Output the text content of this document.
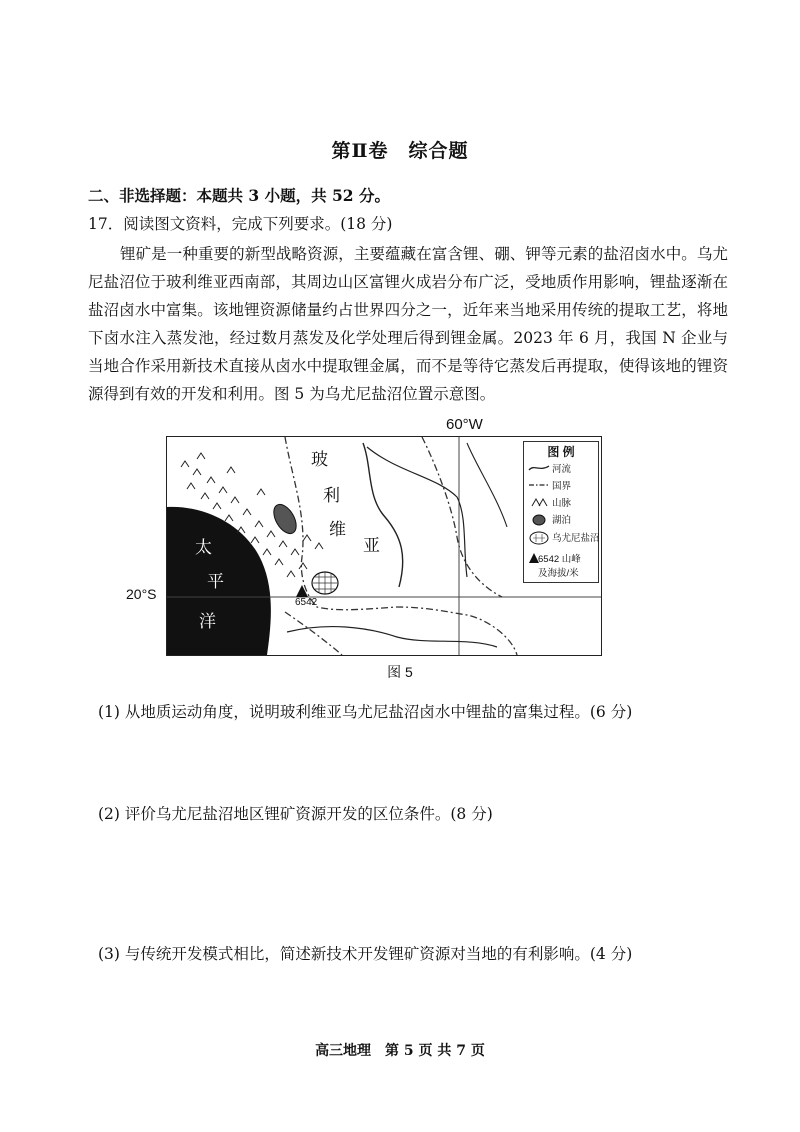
第Ⅱ卷　综合题
二、非选择题：本题共 3 小题，共 52 分。
17．阅读图文资料，完成下列要求。(18 分)

锂矿是一种重要的新型战略资源，主要蕴藏在富含锂、硼、钾等元素的盐沼卤水中。乌尤尼盐沼位于玻利维亚西南部，其周边山区富锂火成岩分布广泛，受地质作用影响，锂盐逐渐在盐沼卤水中富集。该地锂资源储量约占世界四分之一，近年来当地采用传统的提取工艺，将地下卤水注入蒸发池，经过数月蒸发及化学处理后得到锂金属。2023 年 6 月，我国 N 企业与当地合作采用新技术直接从卤水中提取锂金属，而不是等待它蒸发后再提取，使得该地的锂资源得到有效的开发和利用。图 5 为乌尤尼盐沼位置示意图。

60°W
20°S
玻
利
维
亚
太
平
洋
6542
图 例
河流
国界
山脉
湖泊
乌尤尼盐沼
6542 山峰
及海拔/米
图 5
(1) 从地质运动角度，说明玻利维亚乌尤尼盐沼卤水中锂盐的富集过程。(6 分)
(2) 评价乌尤尼盐沼地区锂矿资源开发的区位条件。(8 分)
(3) 与传统开发模式相比，简述新技术开发锂矿资源对当地的有利影响。(4 分)
高三地理　第 5 页 共 7 页
